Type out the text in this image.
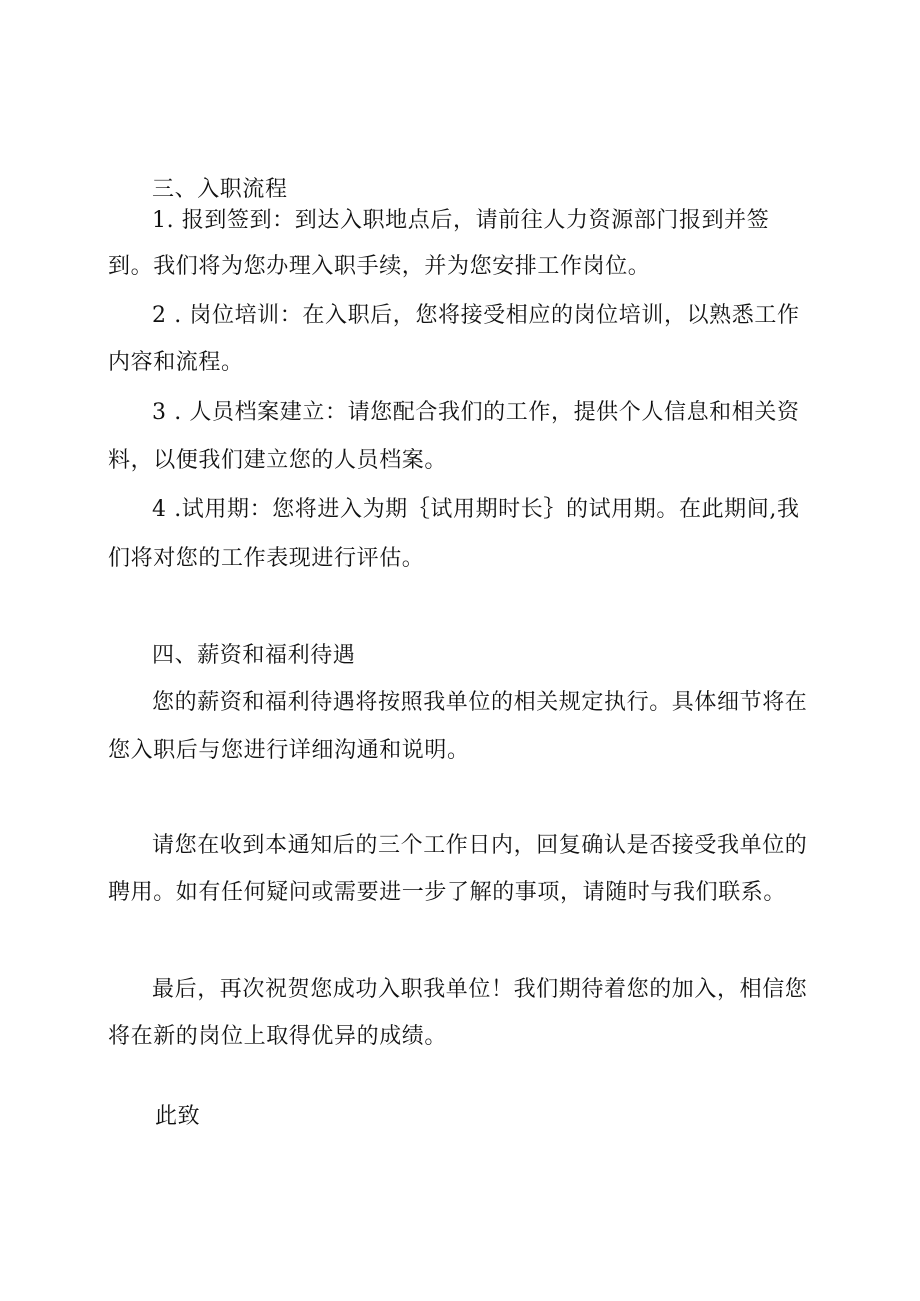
三、入职流程
1. 报到签到：到达入职地点后，请前往人力资源部门报到并签
到。我们将为您办理入职手续，并为您安排工作岗位。
2 . 岗位培训：在入职后，您将接受相应的岗位培训，以熟悉工作
内容和流程。
3 . 人员档案建立：请您配合我们的工作，提供个人信息和相关资
料，以便我们建立您的人员档案。
4 .试用期：您将进入为期｛试用期时长｝的试用期。在此期间,我
们将对您的工作表现进行评估。
四、薪资和福利待遇
您的薪资和福利待遇将按照我单位的相关规定执行。具体细节将在
您入职后与您进行详细沟通和说明。
请您在收到本通知后的三个工作日内，回复确认是否接受我单位的
聘用。如有任何疑问或需要进一步了解的事项，请随时与我们联系。
最后，再次祝贺您成功入职我单位！我们期待着您的加入，相信您
将在新的岗位上取得优异的成绩。
此致
